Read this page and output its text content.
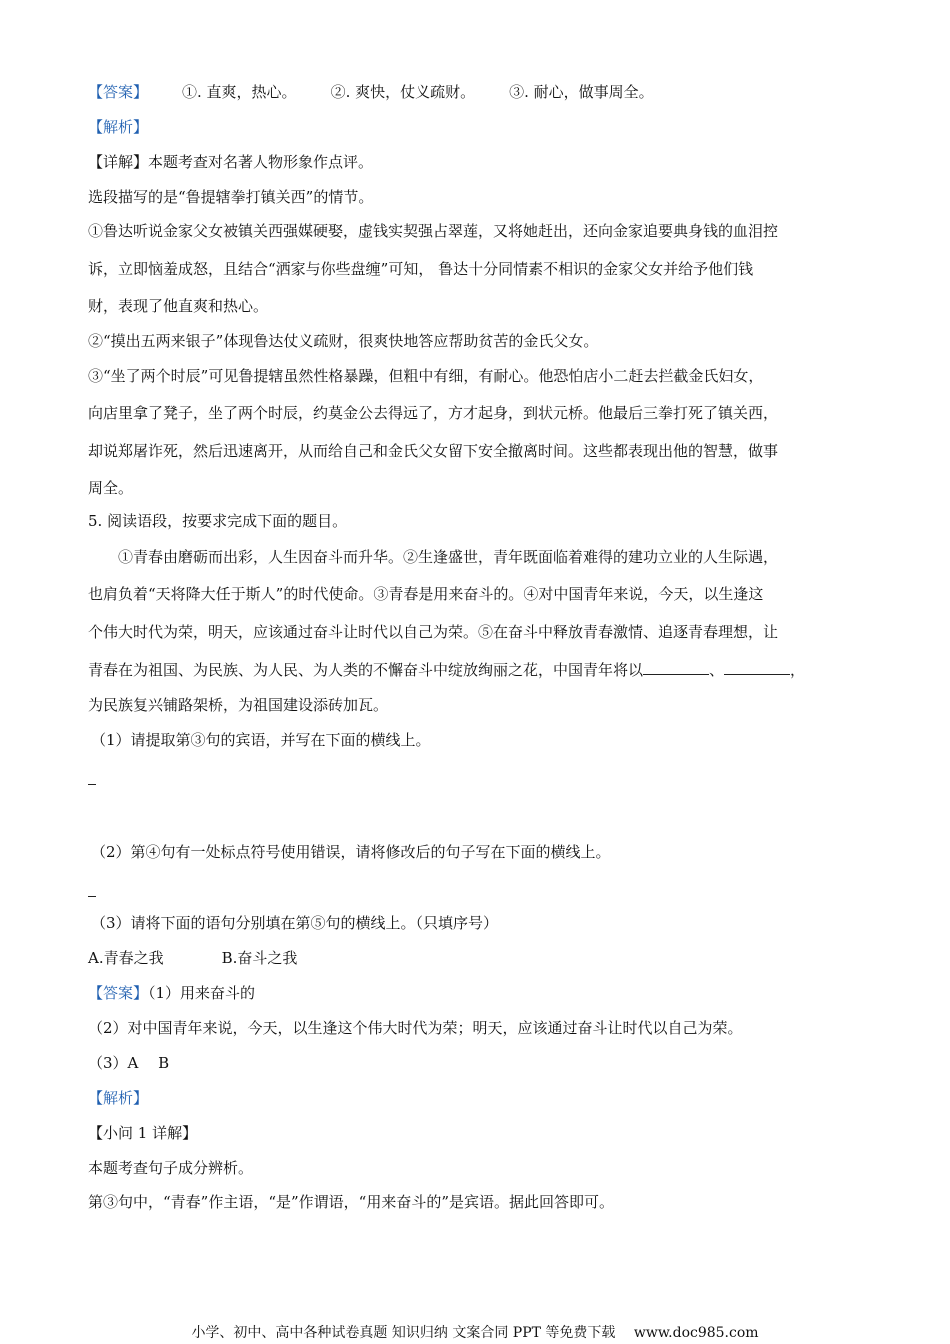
【答案】 ①. 直爽，热心。 ②. 爽快，仗义疏财。 ③. 耐心，做事周全。
【解析】
【详解】本题考查对名著人物形象作点评。
选段描写的是“鲁提辖拳打镇关西”的情节。
①鲁达听说金家父女被镇关西强媒硬娶，虚钱实契强占翠莲，又将她赶出，还向金家追要典身钱的血泪控
诉，立即恼羞成怒，且结合“洒家与你些盘缠”可知， 鲁达十分同情素不相识的金家父女并给予他们钱
财，表现了他直爽和热心。
②“摸出五两来银子”体现鲁达仗义疏财，很爽快地答应帮助贫苦的金氏父女。
③“坐了两个时辰”可见鲁提辖虽然性格暴躁，但粗中有细，有耐心。他恐怕店小二赶去拦截金氏妇女，
向店里拿了凳子，坐了两个时辰，约莫金公去得远了，方才起身，到状元桥。他最后三拳打死了镇关西，
却说郑屠诈死，然后迅速离开，从而给自己和金氏父女留下安全撤离时间。这些都表现出他的智慧，做事
周全。
5. 阅读语段，按要求完成下面的题目。
①青春由磨砺而出彩，人生因奋斗而升华。②生逢盛世，青年既面临着难得的建功立业的人生际遇，
也肩负着“天将降大任于斯人”的时代使命。③青春是用来奋斗的。④对中国青年来说，今天，以生逢这
个伟大时代为荣，明天，应该通过奋斗让时代以自己为荣。⑤在奋斗中释放青春激情、追逐青春理想，让
青春在为祖国、为民族、为人民、为人类的不懈奋斗中绽放绚丽之花，中国青年将以	、	，
为民族复兴铺路架桥，为祖国建设添砖加瓦。
（1）请提取第③句的宾语，并写在下面的横线上。
（2）第④句有一处标点符号使用错误，请将修改后的句子写在下面的横线上。
（3）请将下面的语句分别填在第⑤句的横线上。（只填序号）
A.青春之我	B.奋斗之我
【答案】（1）用来奋斗的
（2）对中国青年来说，今天，以生逢这个伟大时代为荣；明天，应该通过奋斗让时代以自己为荣。
（3）A　 B
【解析】
【小问 1 详解】
本题考查句子成分辨析。
第③句中，“青春”作主语，“是”作谓语，“用来奋斗的”是宾语。据此回答即可。
小学、初中、高中各种试卷真题 知识归纳 文案合同 PPT 等免费下载　 www.doc985.com
